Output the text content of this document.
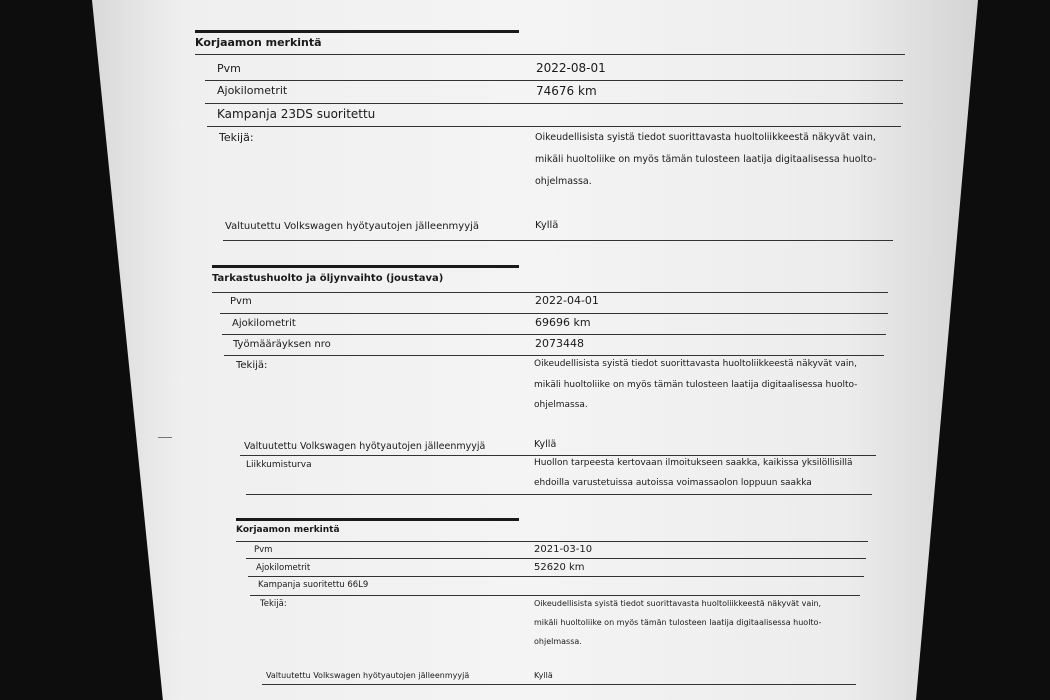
Korjaamon merkintä
Pvm	2022-08-01
Ajokilometrit	74676 km
Kampanja 23DS suoritettu
Tekijä:	Oikeudellisista syistä tiedot suorittavasta huoltoliikkeestä näkyvät vain,
mikäli huoltoliike on myös tämän tulosteen laatija digitaalisessa huolto-
ohjelmassa.
Valtuutettu Volkswagen hyötyautojen jälleenmyyjä	Kyllä
Tarkastushuolto ja öljynvaihto (joustava)
Pvm	2022-04-01
Ajokilometrit	69696 km
Työmääräyksen nro	2073448
Tekijä:	Oikeudellisista syistä tiedot suorittavasta huoltoliikkeestä näkyvät vain,
mikäli huoltoliike on myös tämän tulosteen laatija digitaalisessa huolto-
ohjelmassa.
Valtuutettu Volkswagen hyötyautojen jälleenmyyjä	Kyllä
Liikkumisturva	Huollon tarpeesta kertovaan ilmoitukseen saakka, kaikissa yksilöllisillä
ehdoilla varustetuissa autoissa voimassaolon loppuun saakka
Korjaamon merkintä
Pvm	2021-03-10
Ajokilometrit	52620 km
Kampanja suoritettu 66L9
Tekijä:	Oikeudellisista syistä tiedot suorittavasta huoltoliikkeestä näkyvät vain,
mikäli huoltoliike on myös tämän tulosteen laatija digitaalisessa huolto-
ohjelmassa.
Valtuutettu Volkswagen hyötyautojen jälleenmyyjä	Kyllä
